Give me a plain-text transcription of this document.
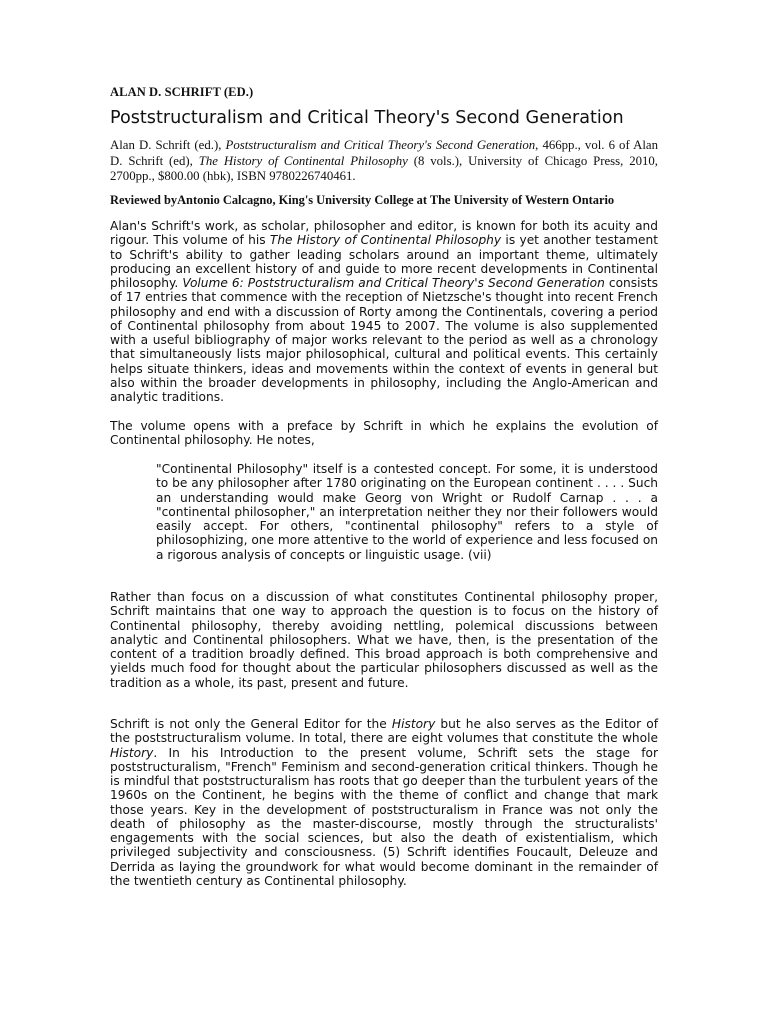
ALAN D. SCHRIFT (ED.)
Poststructuralism and Critical Theory's Second Generation
Alan D. Schrift (ed.), Poststructuralism and Critical Theory's Second Generation, 466pp., vol. 6 of Alan D. Schrift (ed), The History of Continental Philosophy (8 vols.), University of Chicago Press, 2010, 2700pp., $800.00 (hbk), ISBN 9780226740461.
Reviewed byAntonio Calcagno, King's University College at The University of Western Ontario
Alan's Schrift's work, as scholar, philosopher and editor, is known for both its acuity and rigour. This volume of his The History of Continental Philosophy is yet another testament to Schrift's ability to gather leading scholars around an important theme, ultimately producing an excellent history of and guide to more recent developments in Continental philosophy. Volume 6: Poststructuralism and Critical Theory's Second Generation consists of 17 entries that commence with the reception of Nietzsche's thought into recent French philosophy and end with a discussion of Rorty among the Continentals, covering a period of Continental philosophy from about 1945 to 2007. The volume is also supplemented with a useful bibliography of major works relevant to the period as well as a chronology that simultaneously lists major philosophical, cultural and political events. This certainly helps situate thinkers, ideas and movements within the context of events in general but also within the broader developments in philosophy, including the Anglo-American and analytic traditions.
The volume opens with a preface by Schrift in which he explains the evolution of Continental philosophy. He notes,
"Continental Philosophy" itself is a contested concept. For some, it is understood to be any philosopher after 1780 originating on the European continent . . . . Such an understanding would make Georg von Wright or Rudolf Carnap . . . a "continental philosopher," an interpretation neither they nor their followers would easily accept. For others, "continental philosophy" refers to a style of philosophizing, one more attentive to the world of experience and less focused on a rigorous analysis of concepts or linguistic usage. (vii)
Rather than focus on a discussion of what constitutes Continental philosophy proper, Schrift maintains that one way to approach the question is to focus on the history of Continental philosophy, thereby avoiding nettling, polemical discussions between analytic and Continental philosophers. What we have, then, is the presentation of the content of a tradition broadly defined. This broad approach is both comprehensive and yields much food for thought about the particular philosophers discussed as well as the tradition as a whole, its past, present and future.
Schrift is not only the General Editor for the History but he also serves as the Editor of the poststructuralism volume. In total, there are eight volumes that constitute the whole History. In his Introduction to the present volume, Schrift sets the stage for poststructuralism, "French" Feminism and second-generation critical thinkers. Though he is mindful that poststructuralism has roots that go deeper than the turbulent years of the 1960s on the Continent, he begins with the theme of conflict and change that mark those years. Key in the development of poststructuralism in France was not only the death of philosophy as the master-discourse, mostly through the structuralists' engagements with the social sciences, but also the death of existentialism, which privileged subjectivity and consciousness. (5) Schrift identifies Foucault, Deleuze and Derrida as laying the groundwork for what would become dominant in the remainder of the twentieth century as Continental philosophy.
